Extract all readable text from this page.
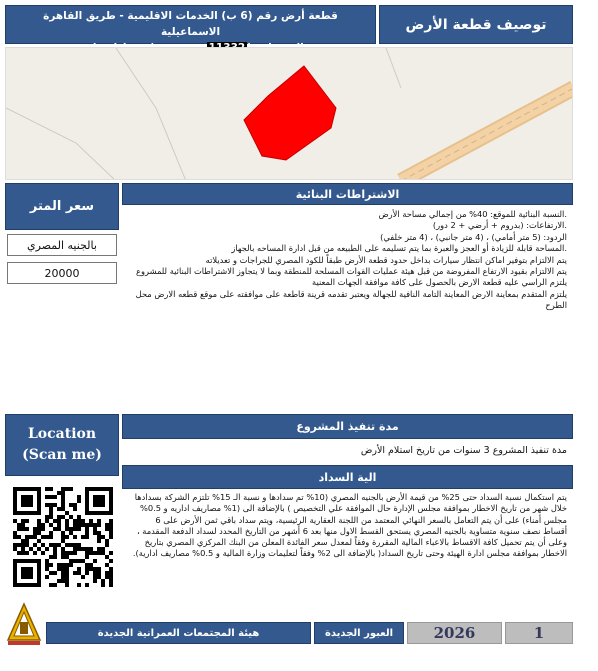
قطعة أرض رقم (6 ب) الخدمات الاقليمية - طريق القاهرة الاسماعيلية	توصيف قطعة الأرض
سعر المتر
بالجنيه المصري
20000
الاشتراطات البنائية

.النسبة البنائية للموقع: 40% من إجمالي مساحة الأرض

.الارتفاعات: (بدروم + أرضي + 2 دور)

الردود: (5 متر أمامي) ، (4 متر جانبي) ، (4 متر خلفي)

.المساحة قابلة للزيادة أو العجز والعبرة بما يتم تسليمه على الطبيعه من قبل ادارة المساحه بالجهاز

يتم الالتزام بتوفير اماكن انتظار سيارات بداخل حدود قطعة الأرض طبقاً للكود المصري للجراجات و تعديلاته

يتم الالتزام بقيود الارتفاع المفروضة من قبل هيئة عمليات القوات المسلحة للمنطقة وبما لا يتجاوز الاشتراطات البنائية للمشروع

يلتزم الراسي عليه قطعة الارض بالحصول على كافة موافقة الجهات المعنية

يلتزم المتقدم بمعاينة الارض المعاينة التامة النافية للجهالة ويعتبر تقدمه قرينة قاطعة على موافقته على موقع قطعه الارض محل الطرح

Location
(Scan me)
مدة تنفيذ المشروع
مدة تنفيذ المشروع 3 سنوات من تاريخ استلام الأرض
الية السداد
يتم استكمال نسبة السداد حتى 25% من قيمة الأرض بالجنيه المصري (10% تم سدادها و نسبة الـ 15% تلتزم الشركة بسدادها خلال شهر من تاريخ الاخطار بموافقة مجلس الإدارة حال الموافقة علي التخصيص ) بالإضافة الى (1% مصاريف اداريه و 0.5% مجلس أمناء) على أن يتم التعامل بالسعر النهائي المعتمد من اللجنة العقارية الرئيسية، ويتم سداد باقي ثمن الأرض على 6 أقساط نصف سنوية متساوية بالجنيه المصري يستحق القسط الاول منها بعد 6 أشهر من التاريخ المحدد لسداد الدفعة المقدمة ، وعلى أن يتم تحميل كافة الاقساط بالاعباء المالية المقررة وفقاً لمعدل سعر الفائدة المعلن من البنك المركزي المصري بتاريخ الاخطار بموافقة مجلس ادارة الهيئة وحتى تاريخ السداد( بالإضافة الى 2% وفقاً لتعليمات وزارة المالية و 0.5% مصاريف ادارية).
هيئة المجتمعات العمرانية الجديدة	العبور الجديدة	2026	1
